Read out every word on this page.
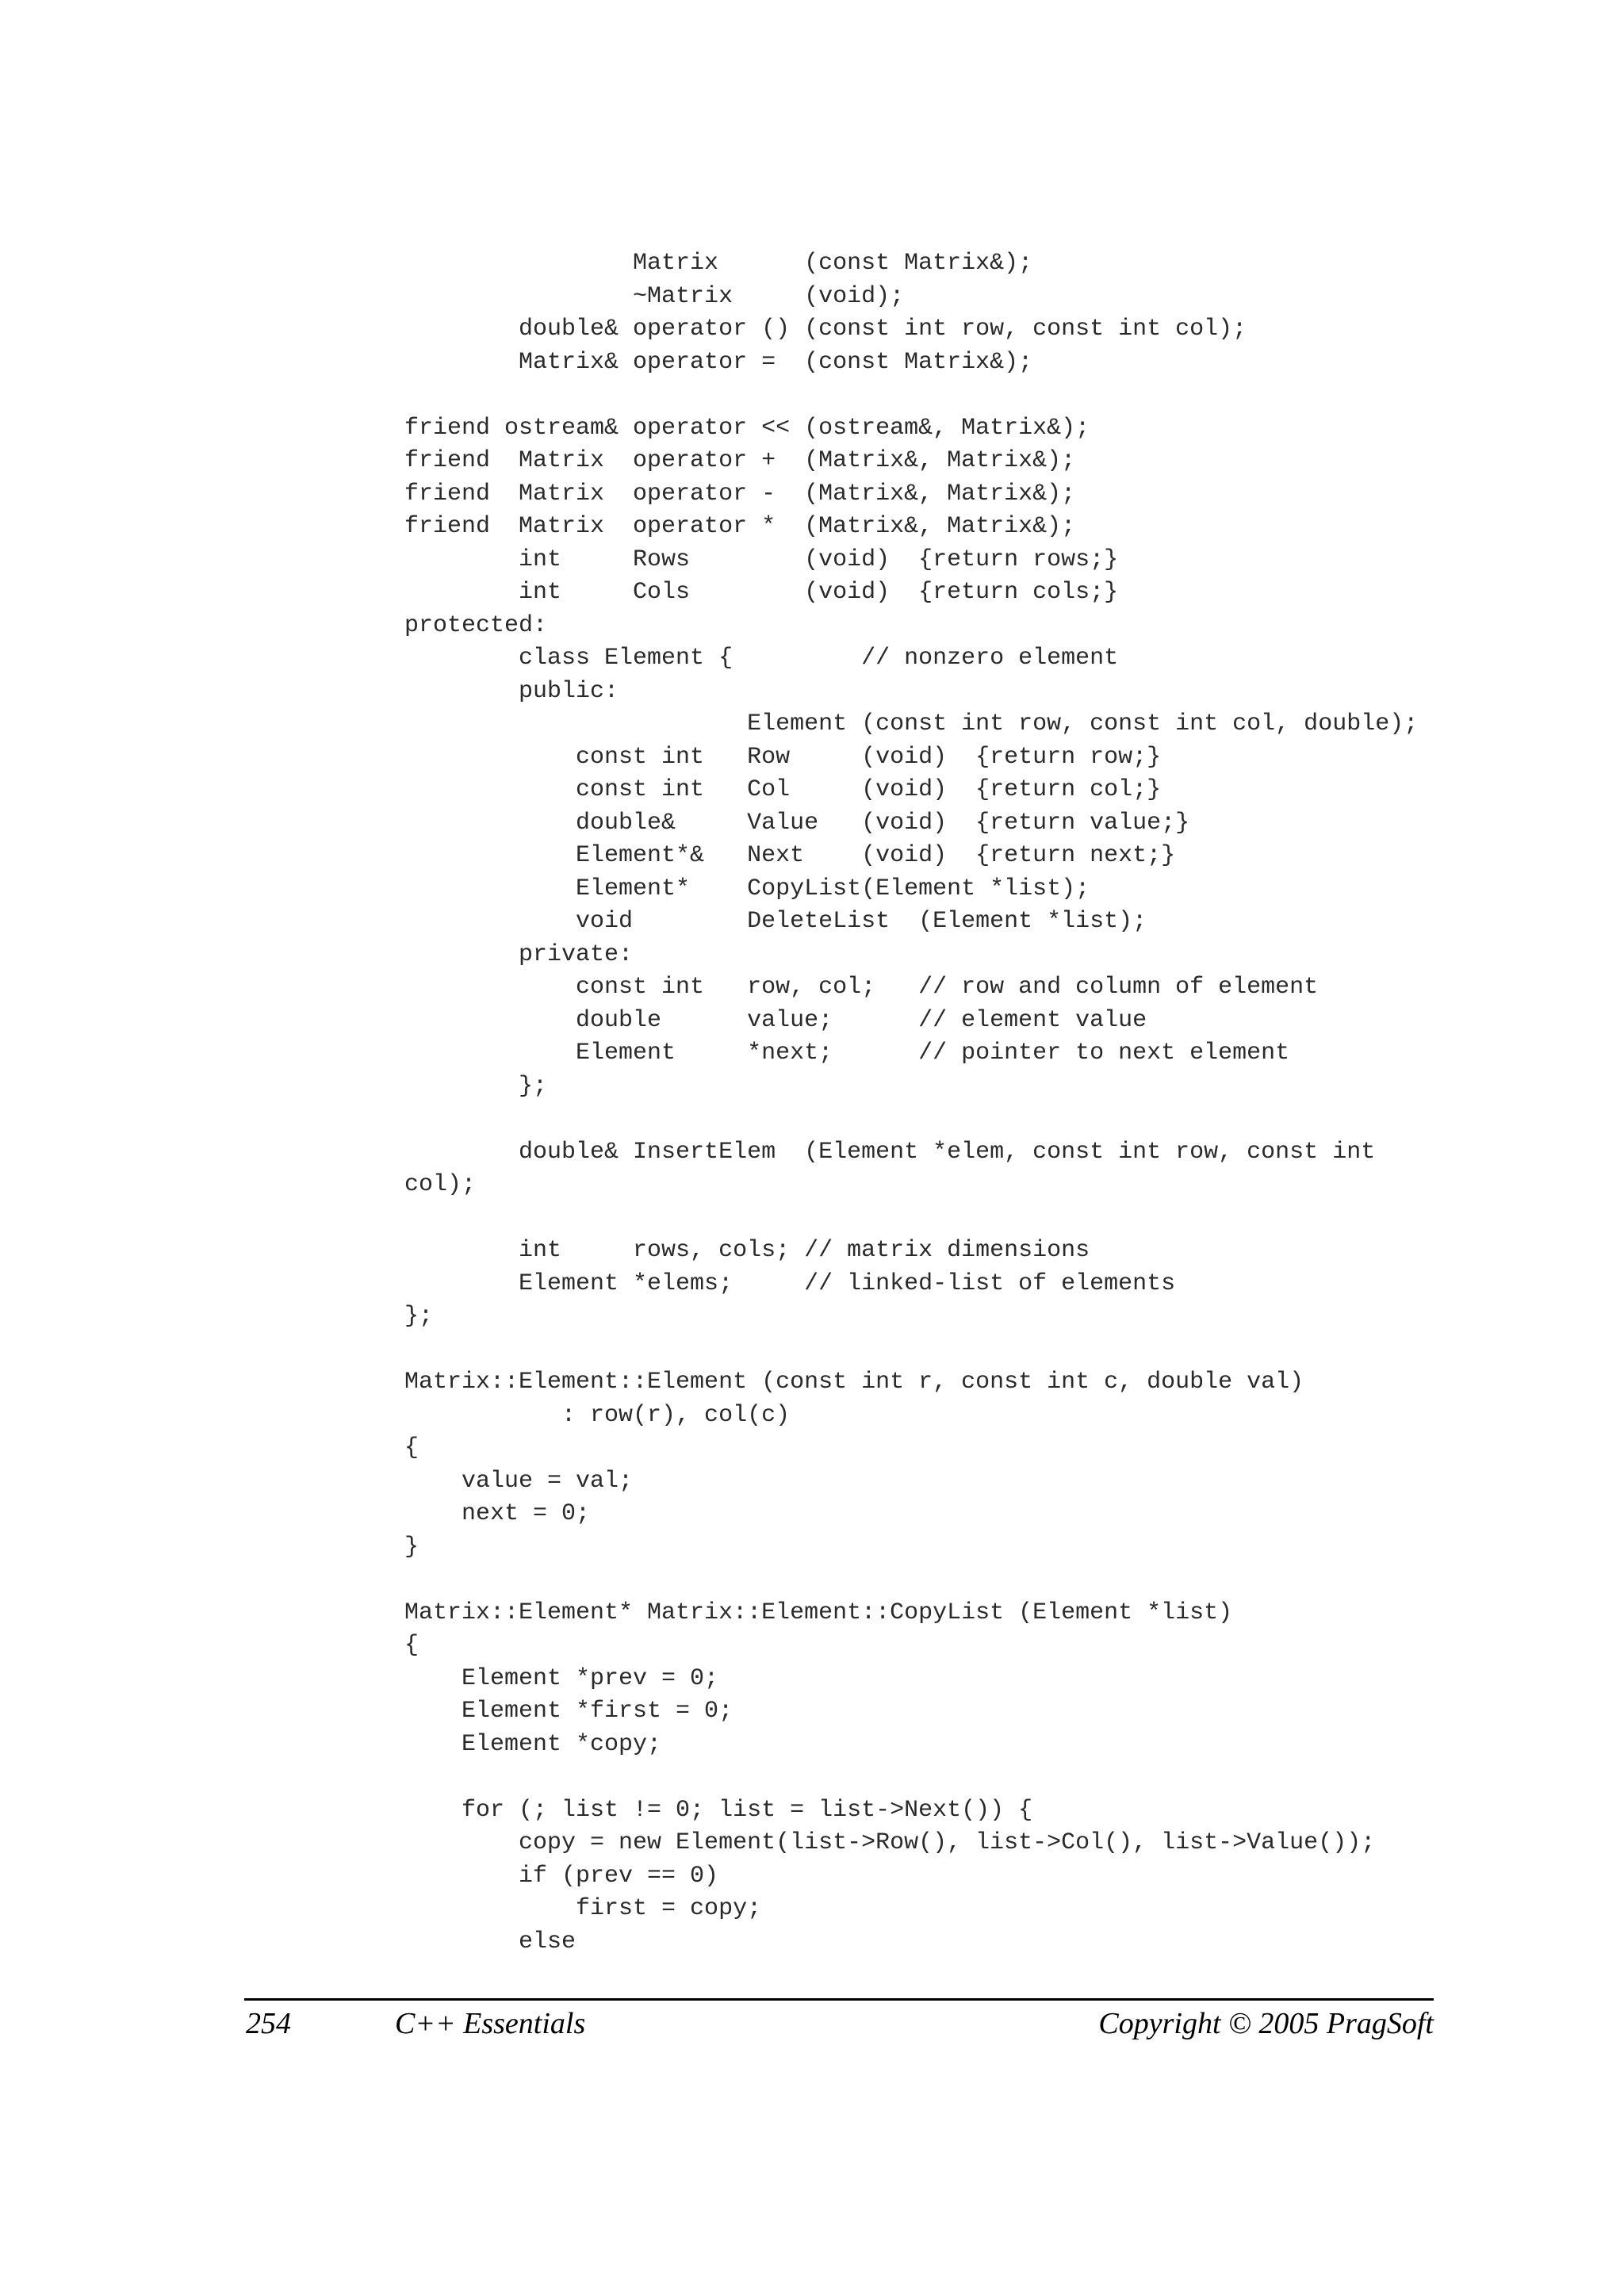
Matrix      (const Matrix&);
~Matrix     (void);
double& operator () (const int row, const int col);
Matrix& operator =  (const Matrix&);
friend ostream& operator << (ostream&, Matrix&);
friend  Matrix  operator +  (Matrix&, Matrix&);
friend  Matrix  operator -  (Matrix&, Matrix&);
friend  Matrix  operator *  (Matrix&, Matrix&);
int     Rows        (void)  {return rows;}
int     Cols        (void)  {return cols;}
protected:
class Element {         // nonzero element
public:
Element (const int row, const int col, double);
const int   Row     (void)  {return row;}
const int   Col     (void)  {return col;}
double&     Value   (void)  {return value;}
Element*&   Next    (void)  {return next;}
Element*    CopyList(Element *list);
void        DeleteList  (Element *list);
private:
const int   row, col;   // row and column of element
double      value;      // element value
Element     *next;      // pointer to next element
};
double& InsertElem  (Element *elem, const int row, const int
col);
int     rows, cols; // matrix dimensions
Element *elems;     // linked-list of elements
};
Matrix::Element::Element (const int r, const int c, double val)
: row(r), col(c)
{
value = val;
next = 0;
}
Matrix::Element* Matrix::Element::CopyList (Element *list)
{
Element *prev = 0;
Element *first = 0;
Element *copy;
for (; list != 0; list = list->Next()) {
copy = new Element(list->Row(), list->Col(), list->Value());
if (prev == 0)
first = copy;
else
254	C++ Essentials	Copyright © 2005 PragSoft
